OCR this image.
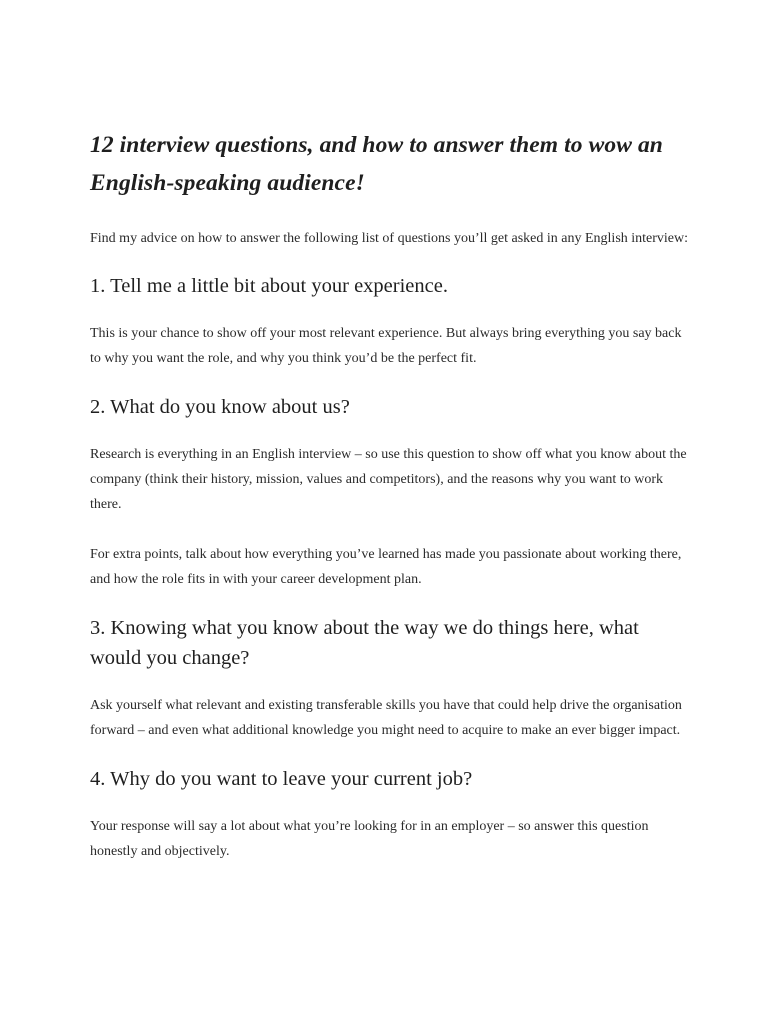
12 interview questions, and how to answer them to wow an English-speaking audience!

Find my advice on how to answer the following list of questions you’ll get asked in any English interview:

1. Tell me a little bit about your experience.

This is your chance to show off your most relevant experience. But always bring everything you say back to why you want the role, and why you think you’d be the perfect fit.

2. What do you know about us?

Research is everything in an English interview – so use this question to show off what you know about the company (think their history, mission, values and competitors), and the reasons why you want to work there.

For extra points, talk about how everything you’ve learned has made you passionate about working there, and how the role fits in with your career development plan.

3. Knowing what you know about the way we do things here, what would you change?

Ask yourself what relevant and existing transferable skills you have that could help drive the organisation forward – and even what additional knowledge you might need to acquire to make an ever bigger impact.

4. Why do you want to leave your current job?

Your response will say a lot about what you’re looking for in an employer – so answer this question honestly and objectively.
